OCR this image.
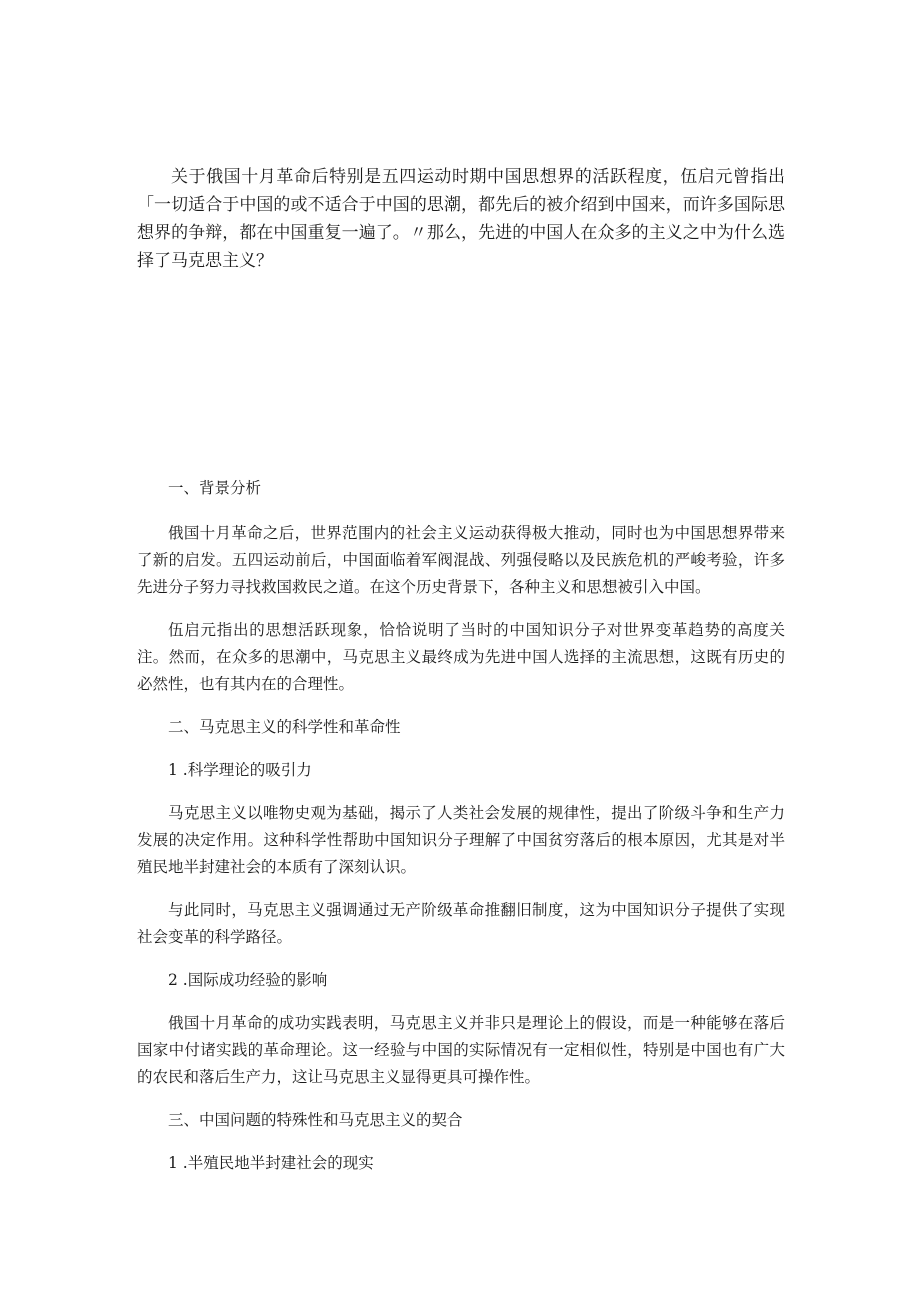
关于俄国十月革命后特别是五四运动时期中国思想界的活跃程度，伍启元曾指出「一切适合于中国的或不适合于中国的思潮，都先后的被介绍到中国来，而许多国际思想界的争辩，都在中国重复一遍了。〃那么，先进的中国人在众多的主义之中为什么选择了马克思主义？

一、背景分析

俄国十月革命之后，世界范围内的社会主义运动获得极大推动，同时也为中国思想界带来了新的启发。五四运动前后，中国面临着军阀混战、列强侵略以及民族危机的严峻考验，许多先进分子努力寻找救国救民之道。在这个历史背景下，各种主义和思想被引入中国。

伍启元指出的思想活跃现象，恰恰说明了当时的中国知识分子对世界变革趋势的高度关注。然而，在众多的思潮中，马克思主义最终成为先进中国人选择的主流思想，这既有历史的必然性，也有其内在的合理性。

二、马克思主义的科学性和革命性

1 .科学理论的吸引力

马克思主义以唯物史观为基础，揭示了人类社会发展的规律性，提出了阶级斗争和生产力发展的决定作用。这种科学性帮助中国知识分子理解了中国贫穷落后的根本原因，尤其是对半殖民地半封建社会的本质有了深刻认识。

与此同时，马克思主义强调通过无产阶级革命推翻旧制度，这为中国知识分子提供了实现社会变革的科学路径。

2 .国际成功经验的影响

俄国十月革命的成功实践表明，马克思主义并非只是理论上的假设，而是一种能够在落后国家中付诸实践的革命理论。这一经验与中国的实际情况有一定相似性，特别是中国也有广大的农民和落后生产力，这让马克思主义显得更具可操作性。

三、中国问题的特殊性和马克思主义的契合

1 .半殖民地半封建社会的现实
